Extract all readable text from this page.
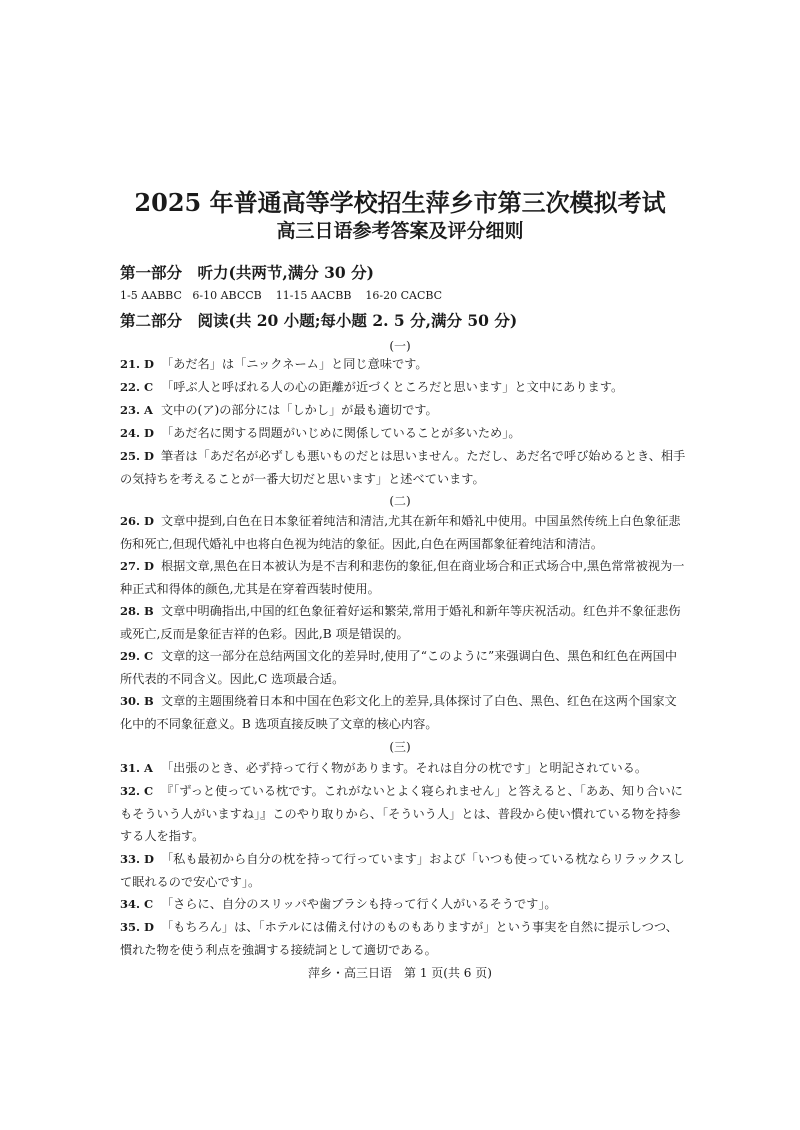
2025 年普通高等学校招生萍乡市第三次模拟考试
高三日语参考答案及评分细则
第一部分　听力(共两节,满分 30 分)
1-5 AABBC   6-10 ABCCB    11-15 AACBB    16-20 CACBC
第二部分　阅读(共 20 小题;每小题 2. 5 分,满分 50 分)
(一)
21. D 「あだ名」は「ニックネーム」と同じ意味です。
22. C 「呼ぶ人と呼ばれる人の心の距離が近づくところだと思います」と文中にあります。
23. A 文中の(ア)の部分には「しかし」が最も適切です。
24. D 「あだ名に関する問題がいじめに関係していることが多いため」。
25. D 筆者は「あだ名が必ずしも悪いものだとは思いません。ただし、あだ名で呼び始めるとき、相手の気持ちを考えることが一番大切だと思います」と述べています。
(二)
26. D 文章中提到,白色在日本象征着纯洁和清洁,尤其在新年和婚礼中使用。中国虽然传统上白色象征悲伤和死亡,但现代婚礼中也将白色视为纯洁的象征。因此,白色在两国都象征着纯洁和清洁。
27. D 根据文章,黑色在日本被认为是不吉利和悲伤的象征,但在商业场合和正式场合中,黑色常常被视为一种正式和得体的颜色,尤其是在穿着西装时使用。
28. B 文章中明确指出,中国的红色象征着好运和繁荣,常用于婚礼和新年等庆祝活动。红色并不象征悲伤或死亡,反而是象征吉祥的色彩。因此,B 项是错误的。
29. C 文章的这一部分在总结两国文化的差异时,使用了“このように”来强调白色、黑色和红色在两国中所代表的不同含义。因此,C 选项最合适。
30. B 文章的主题围绕着日本和中国在色彩文化上的差异,具体探讨了白色、黑色、红色在这两个国家文化中的不同象征意义。B 选项直接反映了文章的核心内容。
(三)
31. A 「出張のとき、必ず持って行く物があります。それは自分の枕です」と明記されている。
32. C 『「ずっと使っている枕です。これがないとよく寝られません」と答えると、「ああ、知り合いにもそういう人がいますね」』このやり取りから、「そういう人」とは、普段から使い慣れている物を持参する人を指す。
33. D 「私も最初から自分の枕を持って行っています」および「いつも使っている枕ならリラックスして眠れるので安心です」。
34. C 「さらに、自分のスリッパや歯ブラシも持って行く人がいるそうです」。
35. D 「もちろん」は、「ホテルには備え付けのものもありますが」という事実を自然に提示しつつ、慣れた物を使う利点を強調する接続詞として適切である。
萍乡・高三日语　第 1 页(共 6 页)
